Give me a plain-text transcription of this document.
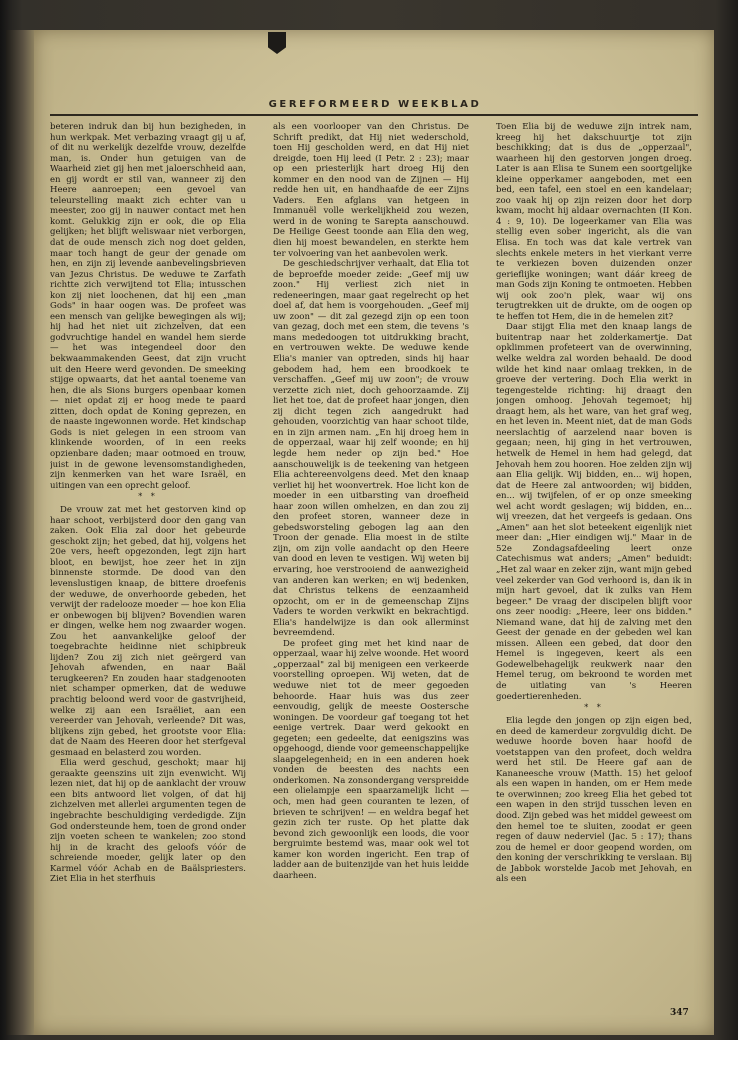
GEREFORMEERD WEEKBLAD

beteren indruk dan bij hun bezigheden, in hun werkpak. Met verbazing vraagt gij u af, of dit nu werkelijk dezelfde vrouw, dezelfde man, is. Onder hun getuigen van de Waarheid ziet gij hen met jaloerschheid aan, en gij wordt er stil van, wanneer zij den Heere aanroepen; een gevoel van teleurstelling maakt zich echter van u meester, zoo gij in nauwer contact met hen komt. Gelukkig zijn er ook, die op Elia gelijken; het blijft weliswaar niet verborgen, dat de oude mensch zich nog doet gelden, maar toch hangt de geur der genade om hen, en zijn zij levende aanbevelingsbrieven van Jezus Christus. De weduwe te Zarfath richtte zich verwijtend tot Elia; intusschen kon zij niet loochenen, dat hij een „man Gods" in haar oogen was. De profeet was een mensch van gelijke bewegingen als wij; hij had het niet uit zichzelven, dat een godvruchtige handel en wandel hem sierde — het was integendeel door den bekwaammakenden Geest, dat zijn vrucht uit den Heere werd gevonden. De smeeking stijge opwaarts, dat het aantal toeneme van hen, die als Sions burgers openbaar komen — niet opdat zij er hoog mede te paard zitten, doch opdat de Koning geprezen, en de naaste ingewonnen worde. Het kindschap Gods is niet gelegen in een stroom van klinkende woorden, of in een reeks opzienbare daden; maar ootmoed en trouw, juist in de gewone levensomstandigheden, zijn kenmerken van het ware Israël, en uitingen van een oprecht geloof.

* *

De vrouw zat met het gestorven kind op haar schoot, verbijsterd door den gang van zaken. Ook Elia zal door het gebeurde geschokt zijn; het gebed, dat hij, volgens het 20e vers, heeft opgezonden, legt zijn hart bloot, en bewijst, hoe zeer het in zijn binnenste stormde. De dood van den levenslustigen knaap, de bittere droefenis der weduwe, de onverhoorde gebeden, het verwijt der radelooze moeder — hoe kon Elia er onbewogen bij blijven? Bovendien waren er dingen, welke hem nog zwaarder wogen. Zou het aanvankelijke geloof der toegebrachte heidinne niet schipbreuk lijden? Zou zij zich niet geërgerd van Jehovah afwenden, en naar Baäl terugkeeren? En zouden haar stadgenooten niet schamper opmerken, dat de weduwe prachtig beloond werd voor de gastvrijheid, welke zij aan een Israëliet, aan een vereerder van Jehovah, verleende? Dit was, blijkens zijn gebed, het grootste voor Elia: dat de Naam des Heeren door het sterfgeval gesmaad en belasterd zou worden.

Elia werd geschud, geschokt; maar hij geraakte geenszins uit zijn evenwicht. Wij lezen niet, dat hij op de aanklacht der vrouw een bits antwoord liet volgen, of dat hij zichzelven met allerlei argumenten tegen de ingebrachte beschuldiging verdedigde. Zijn God ondersteunde hem, toen de grond onder zijn voeten scheen te wankelen; zoo stond hij in de kracht des geloofs vóór de schreiende moeder, gelijk later op den Karmel vóór Achab en de Baälspriesters. Ziet Elia in het sterfhuis

als een voorlooper van den Christus. De Schrift predikt, dat Hij niet wederschold, toen Hij gescholden werd, en dat Hij niet dreigde, toen Hij leed (I Petr. 2 : 23); maar op een priesterlijk hart droeg Hij den kommer en den nood van de Zijnen — Hij redde hen uit, en handhaafde de eer Zijns Vaders. Een afglans van hetgeen in Immanuël volle werkelijkheid zou wezen, werd in de woning te Sarepta aanschouwd. De Heilige Geest toonde aan Elia den weg, dien hij moest bewandelen, en sterkte hem ter volvoering van het aanbevolen werk.

De geschiedschrijver verhaalt, dat Elia tot de beproefde moeder zeide: „Geef mij uw zoon." Hij verliest zich niet in redeneeringen, maar gaat regelrecht op het doel af, dat hem is voorgehouden. „Geef mij uw zoon" — dit zal gezegd zijn op een toon van gezag, doch met een stem, die tevens 's mans mededoogen tot uitdrukking bracht, en vertrouwen wekte. De weduwe kende Elia's manier van optreden, sinds hij haar gebodem had, hem een broodkoek te verschaffen. „Geef mij uw zoon"; de vrouw verzette zich niet, doch gehoorzaamde. Zij liet het toe, dat de profeet haar jongen, dien zij dicht tegen zich aangedrukt had gehouden, voorzichtig van haar schoot tilde, en in zijn armen nam. „En hij droeg hem in de opperzaal, waar hij zelf woonde; en hij legde hem neder op zijn bed." Hoe aanschouwelijk is de teekening van hetgeen Elia achtereenvolgens deed. Met den knaap verliet hij het woonvertrek. Hoe licht kon de moeder in een uitbarsting van droefheid haar zoon willen omhelzen, en dan zou zij den profeet storen, wanneer deze in gebedsworsteling gebogen lag aan den Troon der genade. Elia moest in de stilte zijn, om zijn volle aandacht op den Heere van dood en leven te vestigen. Wij weten bij ervaring, hoe verstrooiend de aanwezigheid van anderen kan werken; en wij bedenken, dat Christus telkens de eenzaamheid opzocht, om er in de gemeenschap Zijns Vaders te worden verkwikt en bekrachtigd. Elia's handelwijze is dan ook allerminst bevreemdend.

De profeet ging met het kind naar de opperzaal, waar hij zelve woonde. Het woord „opperzaal" zal bij menigeen een verkeerde voorstelling oproepen. Wij weten, dat de weduwe niet tot de meer gegoeden behoorde. Haar huis was dus zeer eenvoudig, gelijk de meeste Oostersche woningen. De voordeur gaf toegang tot het eenige vertrek. Daar werd gekookt en gegeten; een gedeelte, dat eenigszins was opgehoogd, diende voor gemeenschappelijke slaapgelegenheid; en in een anderen hoek vonden de beesten des nachts een onderkomen. Na zonsondergang verspreidde een olielampje een spaarzamelijk licht — och, men had geen couranten te lezen, of brieven te schrijven! — en weldra begaf het gezin zich ter ruste. Op het platte dak bevond zich gewoonlijk een loods, die voor bergruimte bestemd was, maar ook wel tot kamer kon worden ingericht. Een trap of ladder aan de buitenzijde van het huis leidde daarheen.

Toen Elia bij de weduwe zijn intrek nam, kreeg hij het dakschuurtje tot zijn beschikking; dat is dus de „opperzaal", waarheen hij den gestorven jongen droeg. Later is aan Elisa te Sunem een soortgelijke kleine opperkamer aangeboden, met een bed, een tafel, een stoel en een kandelaar; zoo vaak hij op zijn reizen door het dorp kwam, mocht hij aldaar overnachten (II Kon. 4 : 9, 10). De logeerkamer van Elia was stellig even sober ingericht, als die van Elisa. En toch was dat kale vertrek van slechts enkele meters in het vierkant verre te verkiezen boven duizenden onzer gerieflijke woningen; want dáár kreeg de man Gods zijn Koning te ontmoeten. Hebben wij ook zoo'n plek, waar wij ons terugtrekken uit de drukte, om de oogen op te heffen tot Hem, die in de hemelen zit?

Daar stijgt Elia met den knaap langs de buitentrap naar het zolderkamertje. Dat opklimmen profeteert van de overwinning, welke weldra zal worden behaald. De dood wilde het kind naar omlaag trekken, in de groeve der vertering. Doch Elia werkt in tegengestelde richting: hij draagt den jongen omhoog. Jehovah tegemoet; hij draagt hem, als het ware, van het graf weg, en het leven in. Meent niet, dat de man Gods neerslachtig of aarzelend naar boven is gegaan; neen, hij ging in het vertrouwen, hetwelk de Hemel in hem had gelegd, dat Jehovah hem zou hooren. Hoe zelden zijn wij aan Elia gelijk. Wij bidden, en... wij hopen, dat de Heere zal antwoorden; wij bidden, en... wij twijfelen, of er op onze smeeking wel acht wordt geslagen; wij bidden, en... wij vreezen, dat het vergeefs is gedaan. Ons „Amen" aan het slot beteekent eigenlijk niet meer dan: „Hier eindigen wij." Maar in de 52e Zondagsafdeeling leert onze Catechismus wat anders; „Amen" beduidt: „Het zal waar en zeker zijn, want mijn gebed veel zekerder van God verhoord is, dan ik in mijn hart gevoel, dat ik zulks van Hem begeer." De vraag der discipelen blijft voor ons zeer noodig: „Heere, leer ons bidden." Niemand wane, dat hij de zalving met den Geest der genade en der gebeden wel kan missen. Alleen een gebed, dat door den Hemel is ingegeven, keert als een Godewelbehagelijk reukwerk naar den Hemel terug, om bekroond te worden met de uitlating van 's Heeren goedertierenheden.

* *

Elia legde den jongen op zijn eigen bed, en deed de kamerdeur zorgvuldig dicht. De weduwe hoorde boven haar hoofd de voetstappen van den profeet, doch weldra werd het stil. De Heere gaf aan de Kananeesche vrouw (Matth. 15) het geloof als een wapen in handen, om er Hem mede te overwinnen; zoo kreeg Elia het gebed tot een wapen in den strijd tusschen leven en dood. Zijn gebed was het middel geweest om den hemel toe te sluiten, zoodat er geen regen of dauw nederviel (Jac. 5 : 17); thans zou de hemel er door geopend worden, om den koning der verschrikking te verslaan. Bij de Jabbok worstelde Jacob met Jehovah, en als een

347
